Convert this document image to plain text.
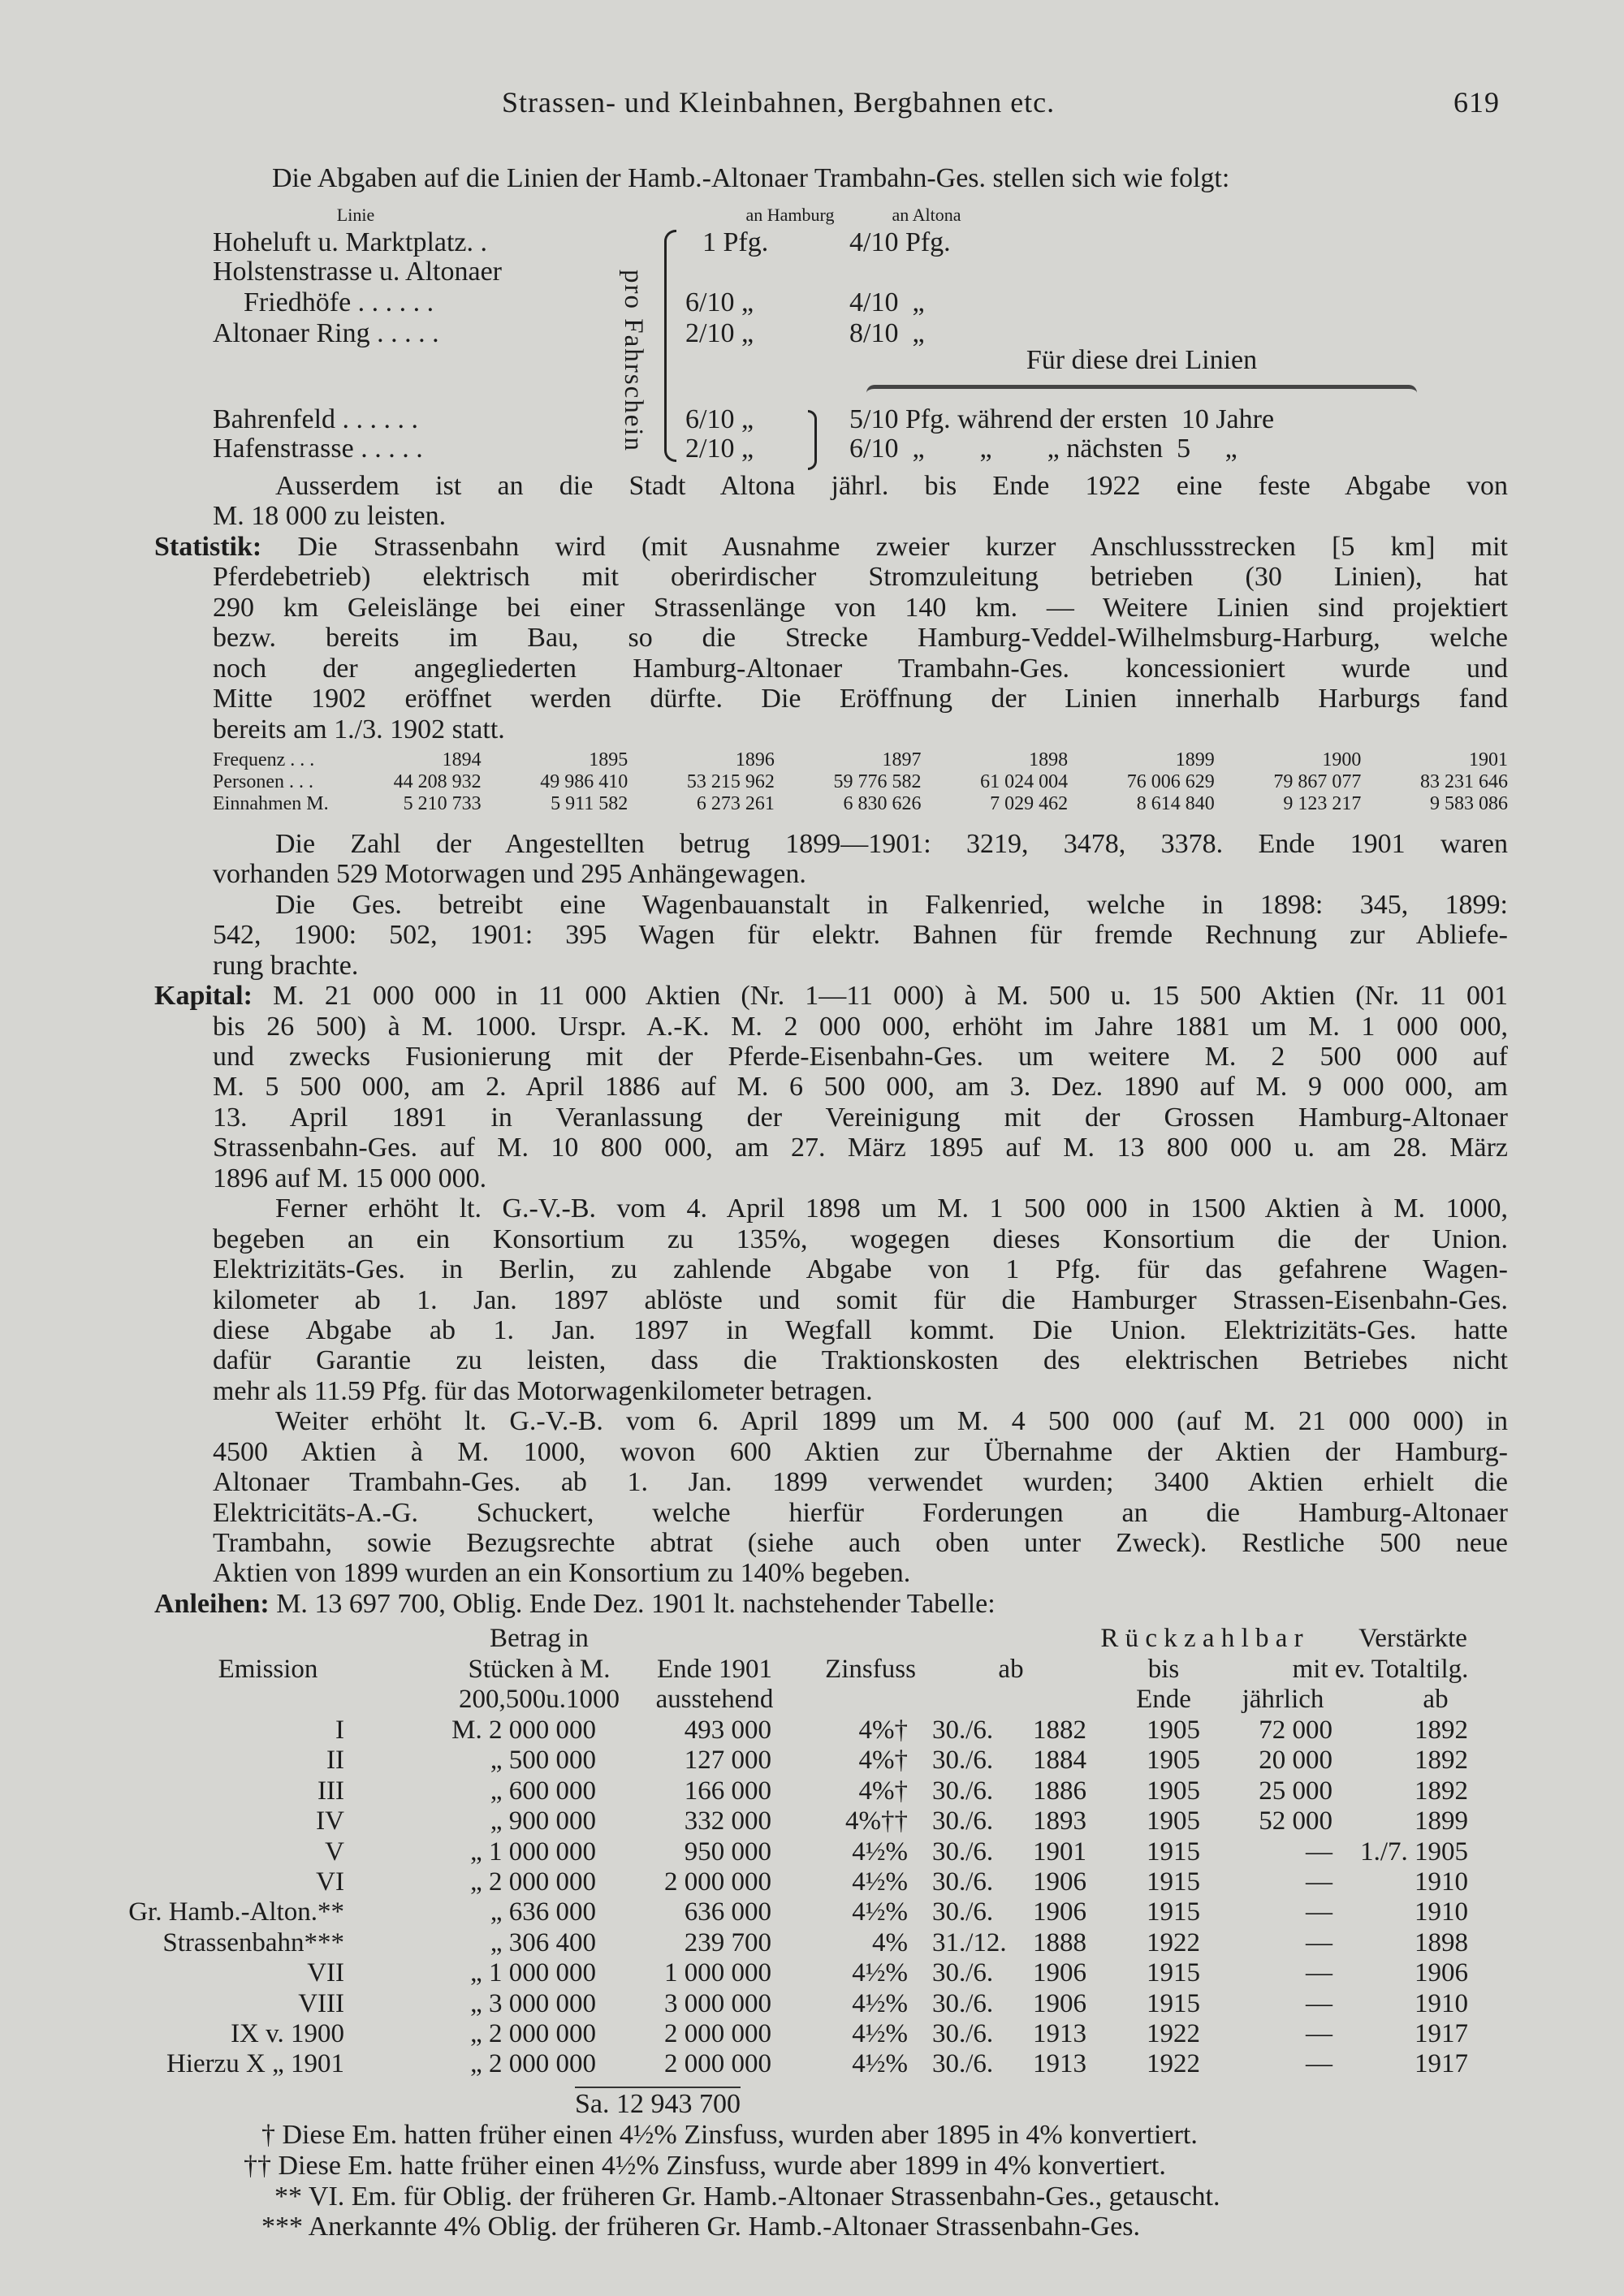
Strassen- und Kleinbahnen, Bergbahnen etc.	619
Die Abgaben auf die Linien der Hamb.-Altonaer Trambahn-Ges. stellen sich wie folgt:
Linie	an Hamburg	an Altona
Hoheluft u. Marktplatz. .	1 Pfg.	4/10 Pfg.
Holstenstrasse u. Altonaer
Friedhöfe . . . . . .	6/10 „	4/10  „
Altonaer Ring . . . . .	2/10 „	8/10  „
Bahrenfeld . . . . . .	6/10 „	5/10 Pfg. während der ersten  10 Jahre
Hafenstrasse . . . . .	2/10 „	6/10  „        „        „ nächsten  5     „
pro Fahrschein	Für diese drei Linien
Ausserdem ist an die Stadt Altona jährl. bis Ende 1922 eine feste Abgabe von
M. 18 000 zu leisten.
Statistik: Die Strassenbahn wird (mit Ausnahme zweier kurzer Anschlussstrecken [5 km] mit
Pferdebetrieb) elektrisch mit oberirdischer Stromzuleitung betrieben (30 Linien), hat
290 km Geleislänge bei einer Strassenlänge von 140 km. — Weitere Linien sind projektiert
bezw. bereits im Bau, so die Strecke Hamburg-Veddel-Wilhelmsburg-Harburg, welche
noch der angegliederten Hamburg-Altonaer Trambahn-Ges. koncessioniert wurde und
Mitte 1902 eröffnet werden dürfte. Die Eröffnung der Linien innerhalb Harburgs fand
bereits am 1./3. 1902 statt.
Frequenz . . .	1894	1895	1896	1897	1898	1899	1900	1901
Personen . . .	44 208 932	49 986 410	53 215 962	59 776 582	61 024 004	76 006 629	79 867 077	83 231 646
Einnahmen M.	5 210 733	5 911 582	6 273 261	6 830 626	7 029 462	8 614 840	9 123 217	9 583 086
Die Zahl der Angestellten betrug 1899—1901: 3219, 3478, 3378. Ende 1901 waren
vorhanden 529 Motorwagen und 295 Anhängewagen.
Die Ges. betreibt eine Wagenbauanstalt in Falkenried, welche in 1898: 345, 1899:
542, 1900: 502, 1901: 395 Wagen für elektr. Bahnen für fremde Rechnung zur Abliefe-
rung brachte.
Kapital: M. 21 000 000 in 11 000 Aktien (Nr. 1—11 000) à M. 500 u. 15 500 Aktien (Nr. 11 001
bis 26 500) à M. 1000. Urspr. A.-K. M. 2 000 000, erhöht im Jahre 1881 um M. 1 000 000,
und zwecks Fusionierung mit der Pferde-Eisenbahn-Ges. um weitere M. 2 500 000 auf
M. 5 500 000, am 2. April 1886 auf M. 6 500 000, am 3. Dez. 1890 auf M. 9 000 000, am
13. April 1891 in Veranlassung der Vereinigung mit der Grossen Hamburg-Altonaer
Strassenbahn-Ges. auf M. 10 800 000, am 27. März 1895 auf M. 13 800 000 u. am 28. März
1896 auf M. 15 000 000.
Ferner erhöht lt. G.-V.-B. vom 4. April 1898 um M. 1 500 000 in 1500 Aktien à M. 1000,
begeben an ein Konsortium zu 135%, wogegen dieses Konsortium die der Union.
Elektrizitäts-Ges. in Berlin, zu zahlende Abgabe von 1 Pfg. für das gefahrene Wagen-
kilometer ab 1. Jan. 1897 ablöste und somit für die Hamburger Strassen-Eisenbahn-Ges.
diese Abgabe ab 1. Jan. 1897 in Wegfall kommt. Die Union. Elektrizitäts-Ges. hatte
dafür Garantie zu leisten, dass die Traktionskosten des elektrischen Betriebes nicht
mehr als 11.59 Pfg. für das Motorwagenkilometer betragen.
Weiter erhöht lt. G.-V.-B. vom 6. April 1899 um M. 4 500 000 (auf M. 21 000 000) in
4500 Aktien à M. 1000, wovon 600 Aktien zur Übernahme der Aktien der Hamburg-
Altonaer Trambahn-Ges. ab 1. Jan. 1899 verwendet wurden; 3400 Aktien erhielt die
Elektricitäts-A.-G. Schuckert, welche hierfür Forderungen an die Hamburg-Altonaer
Trambahn, sowie Bezugsrechte abtrat (siehe auch oben unter Zweck). Restliche 500 neue
Aktien von 1899 wurden an ein Konsortium zu 140% begeben.
Anleihen: M. 13 697 700, Oblig. Ende Dez. 1901 lt. nachstehender Tabelle:
Betrag in	R ü c k z a h l b a r Verstärkte
Emission	Stücken à M. Ende 1901 Zinsfuss	ab	bis	mit ev. Totaltilg.
200,500u.1000 ausstehend	Ende jährlich	ab
I	M. 2 000 000	493 000	4%† 30./6. 1882 1905 72 000	1892
II	„ 500 000	127 000	4%† 30./6. 1884 1905 20 000	1892
III	„ 600 000	166 000	4%† 30./6. 1886 1905 25 000	1892
IV	„ 900 000	332 000	4%†† 30./6. 1893 1905 52 000	1899
V	„ 1 000 000	950 000	4½% 30./6. 1901 1915	— 1./7. 1905
VI	„ 2 000 000	2 000 000	4½% 30./6. 1906 1915	—	1910
Gr. Hamb.-Alton.**	„ 636 000	636 000	4½% 30./6. 1906 1915	—	1910
Strassenbahn***	„ 306 400	239 700	4% 31./12. 1888 1922	—	1898
VII	„ 1 000 000	1 000 000	4½% 30./6. 1906 1915	—	1906
VIII	„ 3 000 000	3 000 000	4½% 30./6. 1906 1915	—	1910
IX v. 1900	„ 2 000 000	2 000 000	4½% 30./6. 1913 1922	—	1917
Hierzu X „ 1901	„ 2 000 000	2 000 000	4½% 30./6. 1913 1922	—	1917
Sa. 12 943 700
† Diese Em. hatten früher einen 4½% Zinsfuss, wurden aber 1895 in 4% konvertiert.
†† Diese Em. hatte früher einen 4½% Zinsfuss, wurde aber 1899 in 4% konvertiert.
** VI. Em. für Oblig. der früheren Gr. Hamb.-Altonaer Strassenbahn-Ges., getauscht.
*** Anerkannte 4% Oblig. der früheren Gr. Hamb.-Altonaer Strassenbahn-Ges.
